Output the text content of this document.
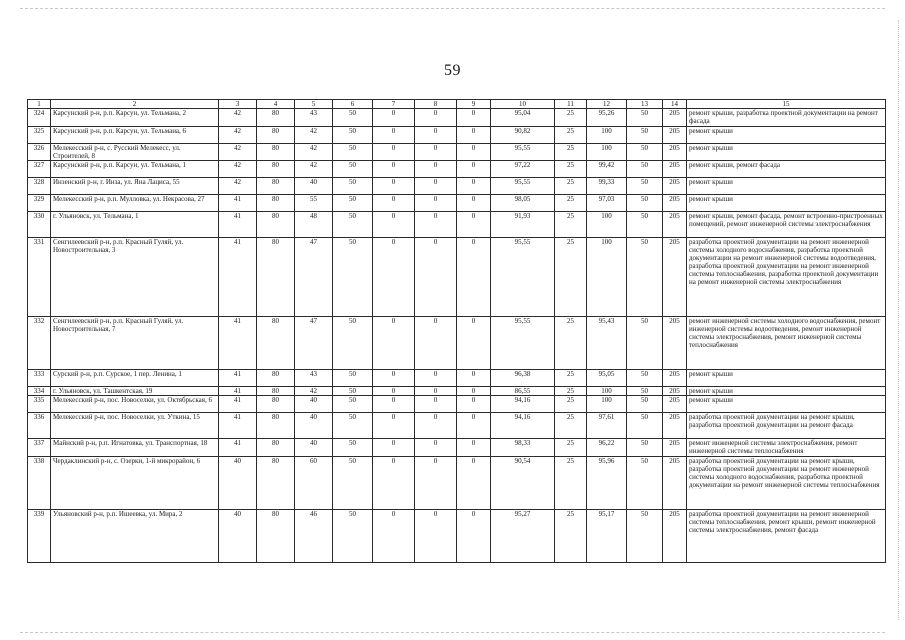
59
1	2	3	4	5	6	7	8	9	10	11	12	13	14	15
324	Карсунский р-н, р.п. Карсун, ул. Тельмана, 2	42	80	43	50	0	0	0	95,04	25	95,26	50	205	ремонт крыши, разработка проектной документации на ремонт фасада
325	Карсунский р-н, р.п. Карсун, ул. Тельмана, 6	42	80	42	50	0	0	0	90,82	25	100	50	205	ремонт крыши
326	Мелекесский р-н, с. Русский Мелекесс, ул. Строителей, 8	42	80	42	50	0	0	0	95,55	25	100	50	205	ремонт крыши
327	Карсунский р-н, р.п. Карсун, ул. Тельмана, 1	42	80	42	50	0	0	0	97,22	25	99,42	50	205	ремонт крыши, ремонт фасада
328	Инзенский р-н, г. Инза, ул. Яна Лациса, 55	42	80	40	50	0	0	0	95,55	25	99,33	50	205	ремонт крыши
329	Мелекесский р-н, р.п. Мулловка, ул. Некрасова, 27	41	80	55	50	0	0	0	98,05	25	97,03	50	205	ремонт крыши
330	г. Ульяновск, ул. Тельмана, 1	41	80	48	50	0	0	0	91,93	25	100	50	205	ремонт крыши, ремонт фасада, ремонт встроенно-пристроенных помещений, ремонт инженерной системы электроснабжения
331	Сенгилеевский р-н, р.п. Красный Гуляй, ул. Новостроительная, 3	41	80	47	50	0	0	0	95,55	25	100	50	205	разработка проектной документации на ремонт инженерной системы холодного водоснабжения, разработка проектной документации на ремонт инженерной системы водоотведения, разработка проектной документации на ремонт инженерной системы теплоснабжения, разработка проектной документации на ремонт инженерной системы электроснабжения
332	Сенгилеевский р-н, р.п. Красный Гуляй, ул. Новостроительная, 7	41	80	47	50	0	0	0	95,55	25	95,43	50	205	ремонт инженерной системы холодного водоснабжения, ремонт инженерной системы водоотведения, ремонт инженерной системы электроснабжения, ремонт инженерной системы теплоснабжения
333	Сурский р-н, р.п. Сурское, 1 пер. Ленина, 1	41	80	43	50	0	0	0	96,38	25	95,05	50	205	ремонт крыши
334	г. Ульяновск, ул. Ташкентская, 19	41	80	42	50	0	0	0	86,55	25	100	50	205	ремонт крыши
335	Мелекесский р-н, пос. Новоселки, ул. Октябрьская, 6	41	80	40	50	0	0	0	94,16	25	100	50	205	ремонт крыши
336	Мелекесский р-н, пос. Новоселки, ул. Уткина, 15	41	80	40	50	0	0	0	94,16	25	97,61	50	205	разработка проектной документации на ремонт крыши, разработка проектной документации на ремонт фасада
337	Майнский р-н, р.п. Игнатовка, ул. Транспортная, 18	41	80	40	50	0	0	0	98,33	25	96,22	50	205	ремонт инженерной системы электроснабжения, ремонт инженерной системы теплоснабжения
338	Чердаклинский р-н, с. Озерки, 1-й микрорайон, 6	40	80	60	50	0	0	0	90,54	25	95,96	50	205	разработка проектной документации на ремонт крыши, разработка проектной документации на ремонт инженерной системы холодного водоснабжения, разработка проектной документации на ремонт инженерной системы теплоснабжения
339	Ульяновский р-н, р.п. Ишеевка, ул. Мира, 2	40	80	46	50	0	0	0	95,27	25	95,17	50	205	разработка проектной документации на ремонт инженерной системы теплоснабжения, ремонт крыши, ремонт инженерной системы электроснабжения, ремонт фасада
